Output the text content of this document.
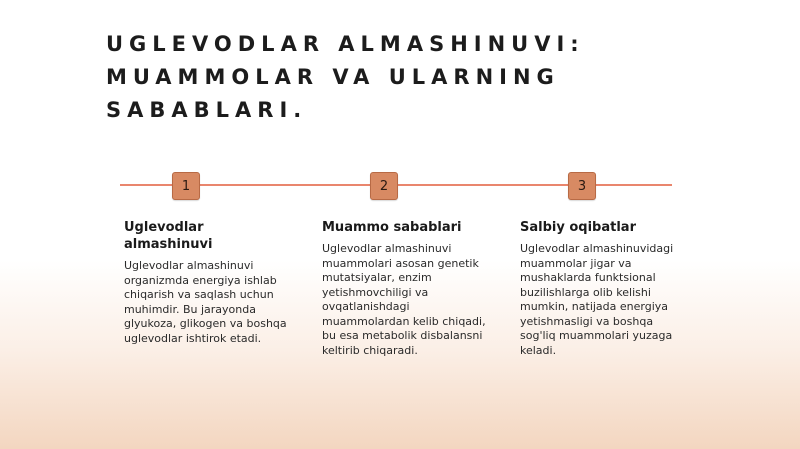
UGLEVODLAR ALMASHINUVI:
MUAMMOLAR VA ULARNING
SABABLARI.
1	2	3
Uglevodlar almashinuvi

Uglevodlar almashinuvi organizmda energiya ishlab chiqarish va saqlash uchun muhimdir. Bu jarayonda glyukoza, glikogen va boshqa uglevodlar ishtirok etadi.

Muammo sabablari

Uglevodlar almashinuvi muammolari asosan genetik mutatsiyalar, enzim yetishmovchiligi va ovqatlanishdagi muammolardan kelib chiqadi, bu esa metabolik disbalansni keltirib chiqaradi.

Salbiy oqibatlar

Uglevodlar almashinuvidagi muammolar jigar va mushaklarda funktsional buzilishlarga olib kelishi mumkin, natijada energiya yetishmasligi va boshqa sog'liq muammolari yuzaga keladi.
